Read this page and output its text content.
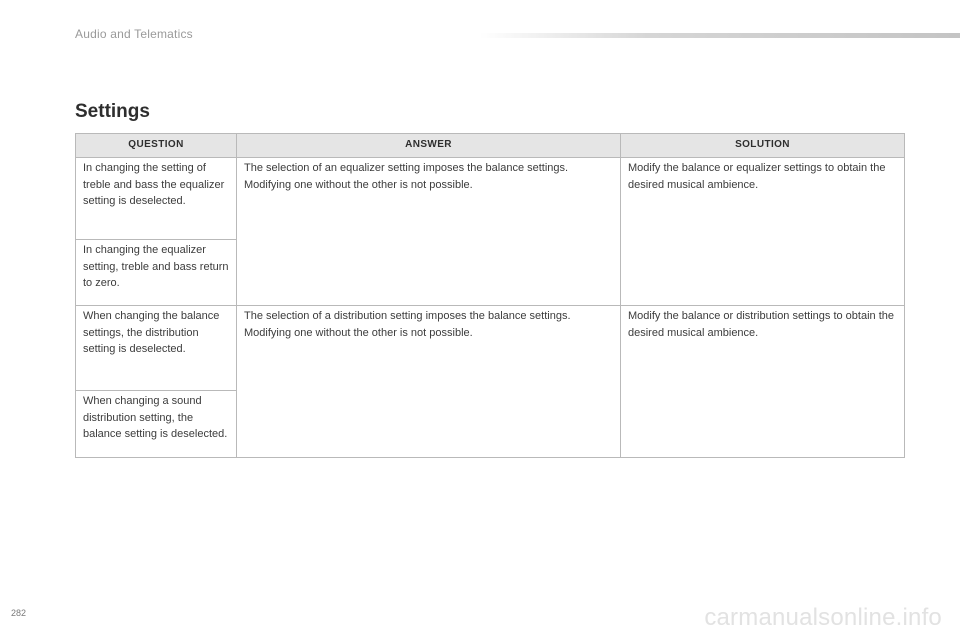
Audio and Telematics
Settings
QUESTION	ANSWER	SOLUTION
In changing the setting of treble and bass the equalizer setting is deselected.	The selection of an equalizer setting imposes the balance settings. Modifying one without the other is not possible.	Modify the balance or equalizer settings to obtain the desired musical ambience.
In changing the equalizer setting, treble and bass return to zero.		
When changing the balance settings, the distribution setting is deselected.	The selection of a distribution setting imposes the balance settings. Modifying one without the other is not possible.	Modify the balance or distribution settings to obtain the desired musical ambience.
When changing a sound distribution setting, the balance setting is deselected.		
282	carmanualsonline.info
